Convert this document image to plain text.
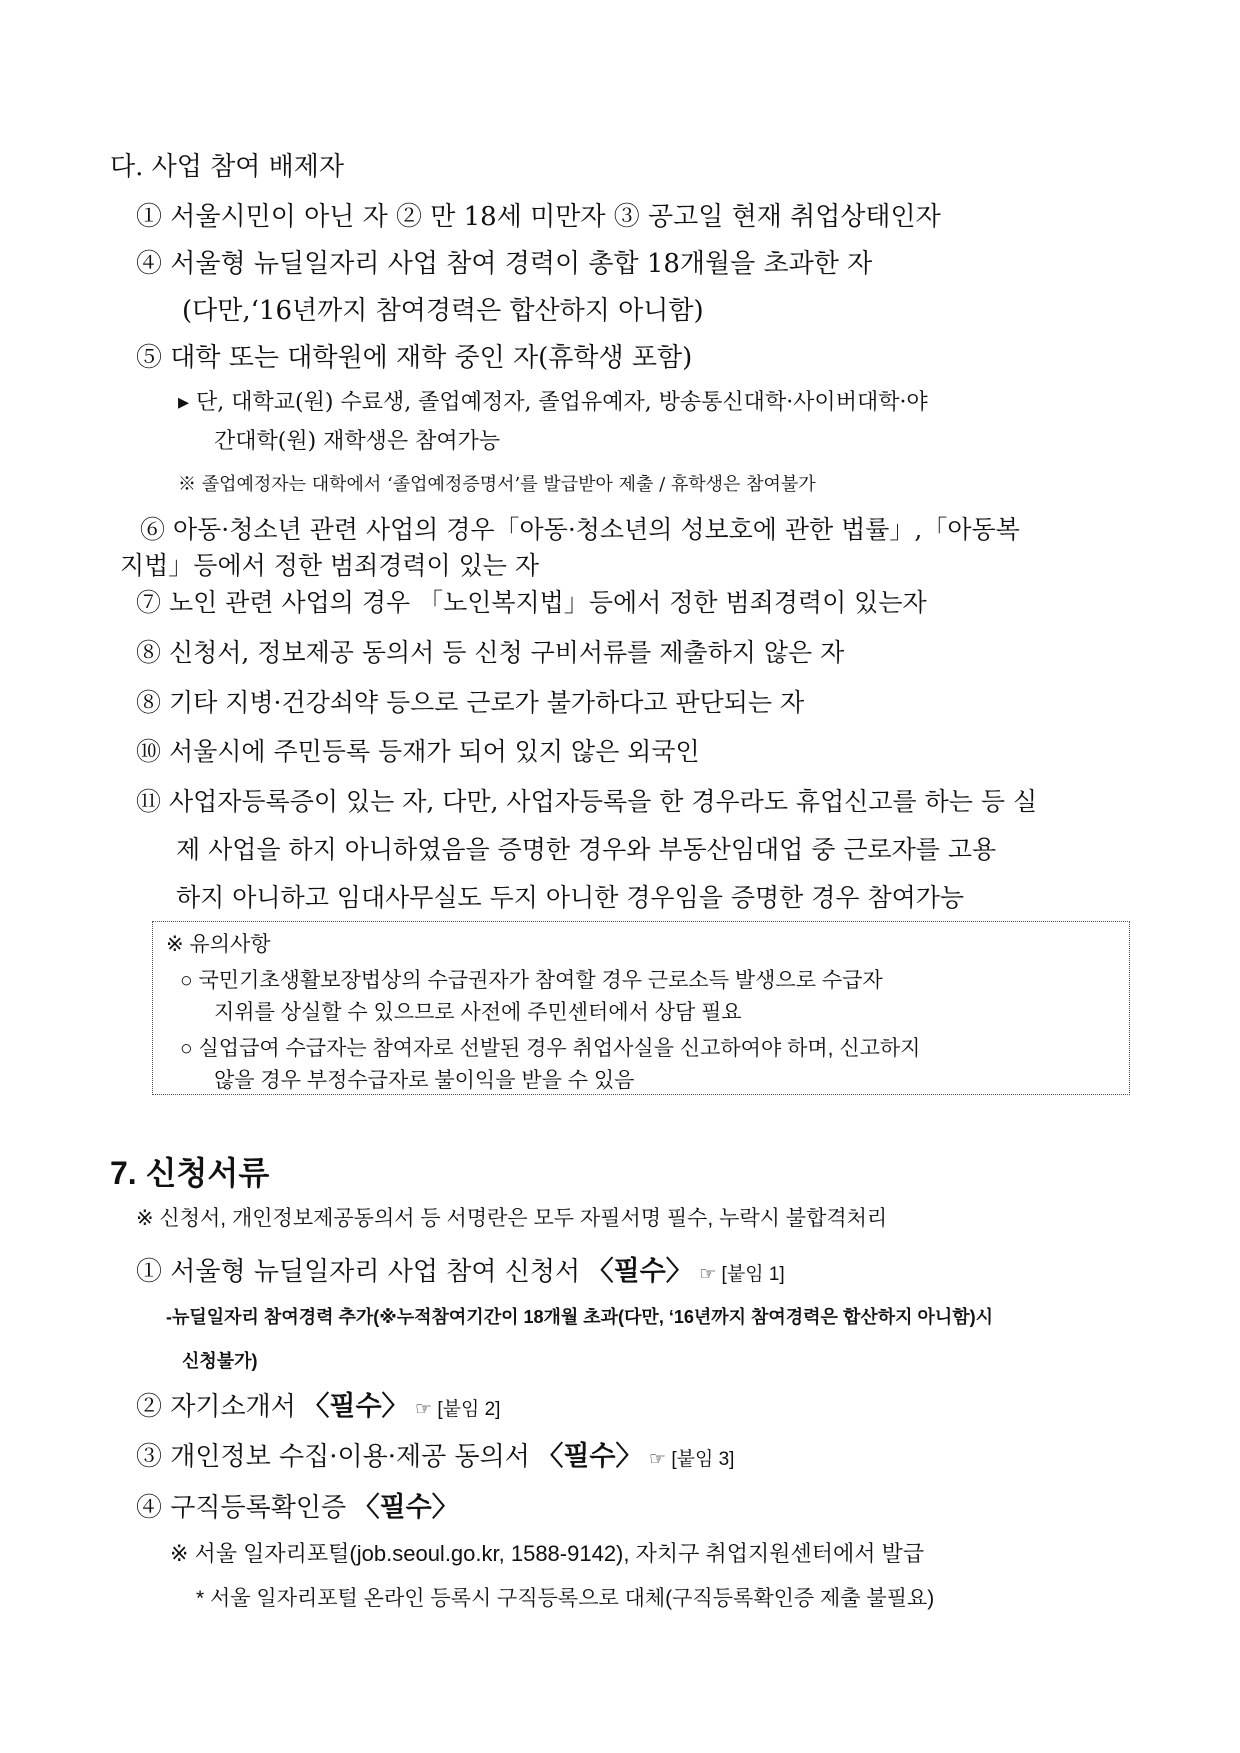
다. 사업 참여 배제자
① 서울시민이 아닌 자 ② 만 18세 미만자 ③ 공고일 현재 취업상태인자
④ 서울형 뉴딜일자리 사업 참여 경력이 총합 18개월을 초과한 자
(다만,‘16년까지 참여경력은 합산하지 아니함)
⑤ 대학 또는 대학원에 재학 중인 자(휴학생 포함)
▸ 단, 대학교(원) 수료생, 졸업예정자, 졸업유예자, 방송통신대학·사이버대학·야
간대학(원) 재학생은 참여가능
※ 졸업예정자는 대학에서 ‘졸업예정증명서’를 발급받아 제출 / 휴학생은 참여불가
⑥ 아동·청소년 관련 사업의 경우「아동·청소년의 성보호에 관한 법률」,「아동복
지법」등에서 정한 범죄경력이 있는 자
⑦ 노인 관련 사업의 경우 「노인복지법」등에서 정한 범죄경력이 있는자
⑧ 신청서, 정보제공 동의서 등 신청 구비서류를 제출하지 않은 자
⑧ 기타 지병·건강쇠약 등으로 근로가 불가하다고 판단되는 자
⑩ 서울시에 주민등록 등재가 되어 있지 않은 외국인
⑪ 사업자등록증이 있는 자, 다만, 사업자등록을 한 경우라도 휴업신고를 하는 등 실
제 사업을 하지 아니하였음을 증명한 경우와 부동산임대업 중 근로자를 고용
하지 아니하고 임대사무실도 두지 아니한 경우임을 증명한 경우 참여가능
※ 유의사항
○ 국민기초생활보장법상의 수급권자가 참여할 경우 근로소득 발생으로 수급자
지위를 상실할 수 있으므로 사전에 주민센터에서 상담 필요
○ 실업급여 수급자는 참여자로 선발된 경우 취업사실을 신고하여야 하며, 신고하지
않을 경우 부정수급자로 불이익을 받을 수 있음
7. 신청서류
※ 신청서, 개인정보제공동의서 등 서명란은 모두 자필서명 필수, 누락시 불합격처리
① 서울형 뉴딜일자리 사업 참여 신청서 〈필수〉 ☞ [붙임 1]
-뉴딜일자리 참여경력 추가(※누적참여기간이 18개월 초과(다만, ‘16년까지 참여경력은 합산하지 아니함)시
신청불가)
② 자기소개서 〈필수〉 ☞ [붙임 2]
③ 개인정보 수집·이용·제공 동의서 〈필수〉 ☞ [붙임 3]
④ 구직등록확인증 〈필수〉
※ 서울 일자리포털(job.seoul.go.kr, 1588-9142), 자치구 취업지원센터에서 발급
* 서울 일자리포털 온라인 등록시 구직등록으로 대체(구직등록확인증 제출 불필요)
